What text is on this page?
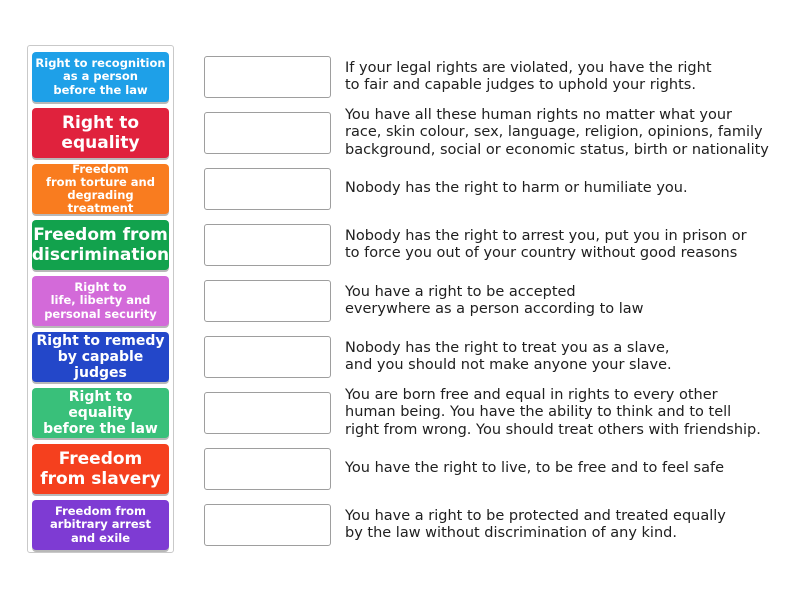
Right to recognition
as a person
before the law
Right to
equality
Freedom
from torture and
degrading treatment
Freedom from
discrimination
Right to
life, liberty and
personal security
Right to remedy
by capable judges
Right to equality
before the law
Freedom
from slavery
Freedom from
arbitrary arrest
and exile
If your legal rights are violated, you have the right
to fair and capable judges to uphold your rights.
You have all these human rights no matter what your
race, skin colour, sex, language, religion, opinions, family
background, social or economic status, birth or nationality
Nobody has the right to harm or humiliate you.
Nobody has the right to arrest you, put you in prison or
to force you out of your country without good reasons
You have a right to be accepted
everywhere as a person according to law
Nobody has the right to treat you as a slave,
and you should not make anyone your slave.
You are born free and equal in rights to every other
human being. You have the ability to think and to tell
right from wrong. You should treat others with friendship.
You have the right to live, to be free and to feel safe
You have a right to be protected and treated equally
by the law without discrimination of any kind.
